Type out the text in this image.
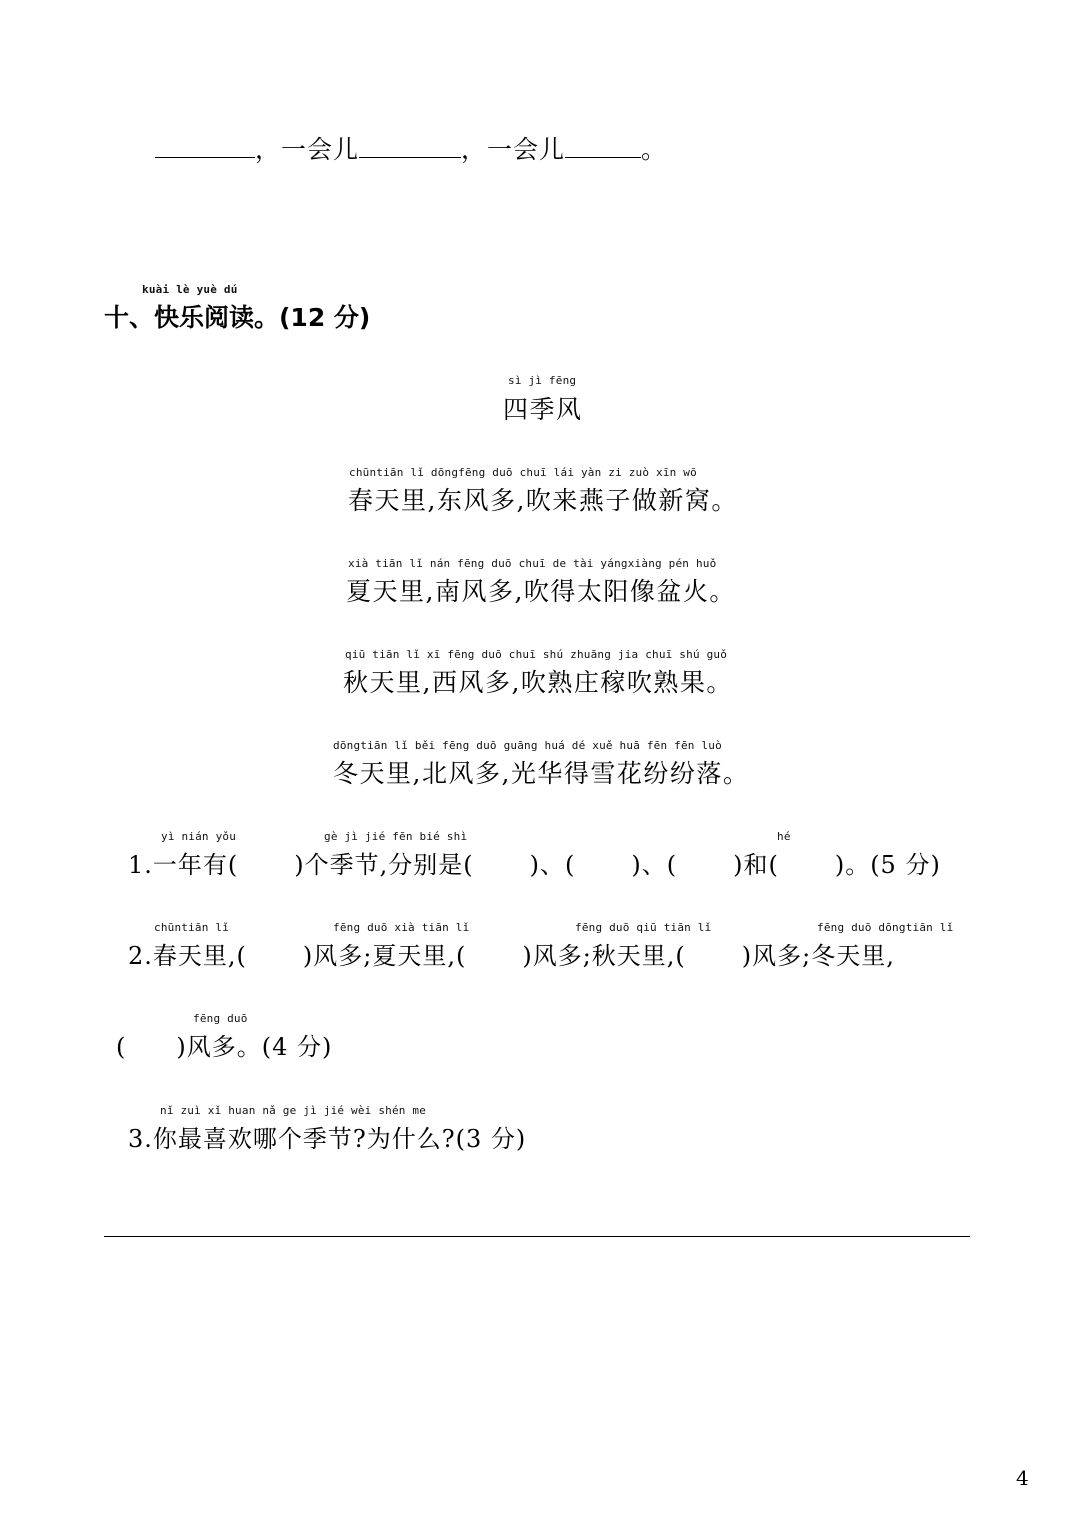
，一会儿	，一会儿	。
kuài lè yuè dú
十、快乐阅读。(12 分)
sì jì fēng
四季风
chūntiān lǐ dōngfēng duō chuī lái yàn zi zuò xīn wō
春天里,东风多,吹来燕子做新窝。
xià tiān lǐ nán fēng duō chuī de tài yángxiàng pén huǒ
夏天里,南风多,吹得太阳像盆火。
qiū tiān lǐ xī fēng duō chuī shú zhuāng jia chuī shú guǒ
秋天里,西风多,吹熟庄稼吹熟果。
dōngtiān lǐ běi fēng duō guāng huá dé xuě huā fēn fēn luò
冬天里,北风多,光华得雪花纷纷落。
yì nián yǒu	gè jì jié fēn bié shì	hé
1.一年有( )个季节,分别是( )、( )、( )和( )。(5 分)
chūntiān lǐ	fēng duō xià tiān lǐ	fēng duō qiū tiān lǐ	fēng duō dōngtiān lǐ
2.春天里,( )风多;夏天里,( )风多;秋天里,( )风多;冬天里,
fēng duō
( )风多。(4 分)
nǐ zuì xǐ huan nǎ ge jì jié wèi shén me
3.你最喜欢哪个季节?为什么?(3 分)
4
